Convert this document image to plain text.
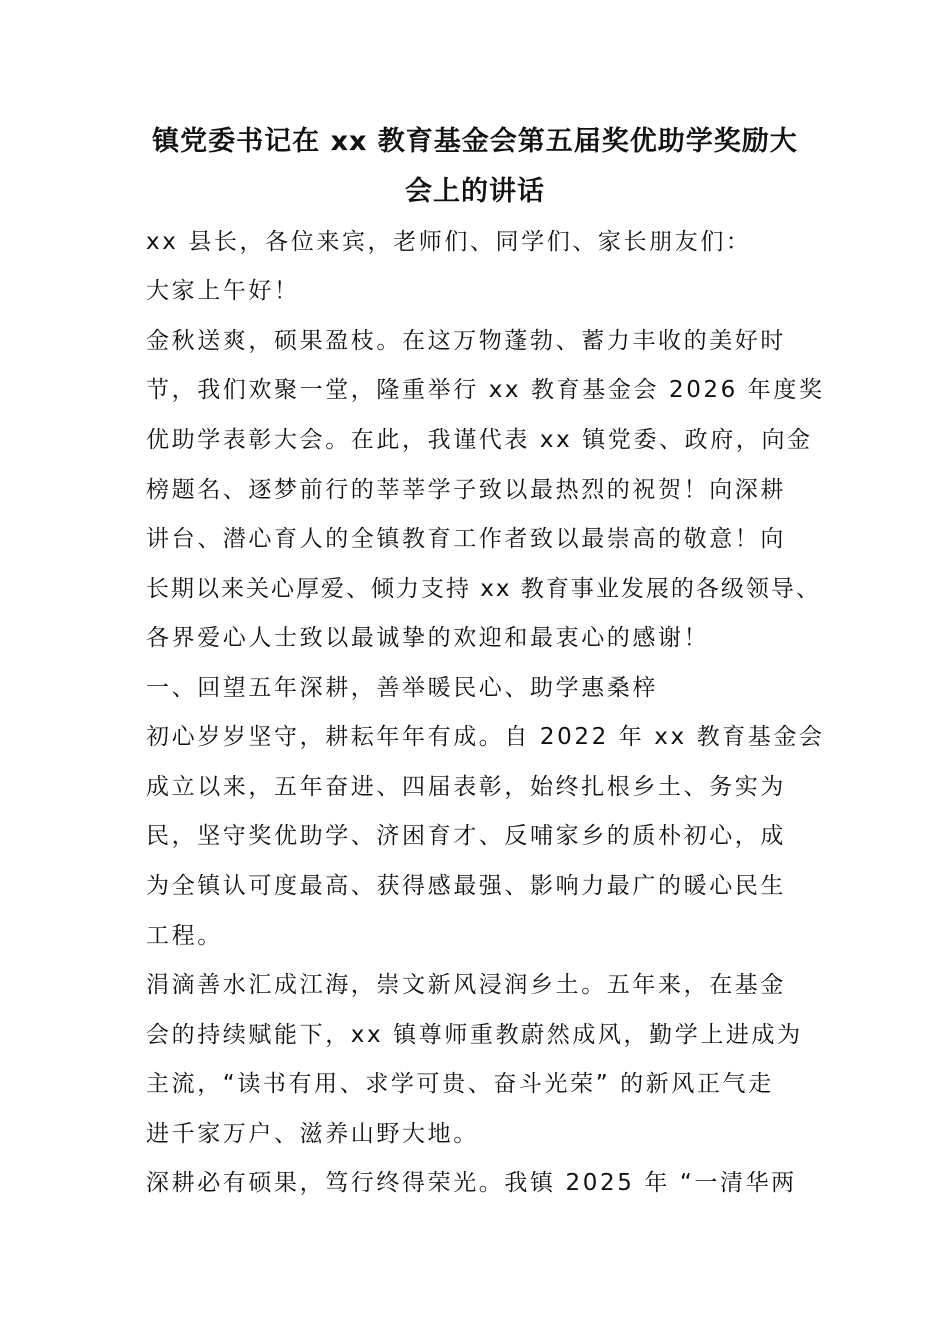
镇党委书记在 xx 教育基金会第五届奖优助学奖励大
会上的讲话

xx 县长，各位来宾，老师们、同学们、家长朋友们：

大家上午好！

金秋送爽，硕果盈枝。在这万物蓬勃、蓄力丰收的美好时

节，我们欢聚一堂，隆重举行 xx 教育基金会 2026 年度奖

优助学表彰大会。在此，我谨代表 xx 镇党委、政府，向金

榜题名、逐梦前行的莘莘学子致以最热烈的祝贺！向深耕

讲台、潜心育人的全镇教育工作者致以最崇高的敬意！向

长期以来关心厚爱、倾力支持 xx 教育事业发展的各级领导、

各界爱心人士致以最诚挚的欢迎和最衷心的感谢！

一、回望五年深耕，善举暖民心、助学惠桑梓

初心岁岁坚守，耕耘年年有成。自 2022 年 xx 教育基金会

成立以来，五年奋进、四届表彰，始终扎根乡土、务实为

民，坚守奖优助学、济困育才、反哺家乡的质朴初心，成

为全镇认可度最高、获得感最强、影响力最广的暖心民生

工程。

涓滴善水汇成江海，崇文新风浸润乡土。五年来，在基金

会的持续赋能下，xx 镇尊师重教蔚然成风，勤学上进成为

主流，“读书有用、求学可贵、奋斗光荣” 的新风正气走

进千家万户、滋养山野大地。

深耕必有硕果，笃行终得荣光。我镇 2025 年 “一清华两
